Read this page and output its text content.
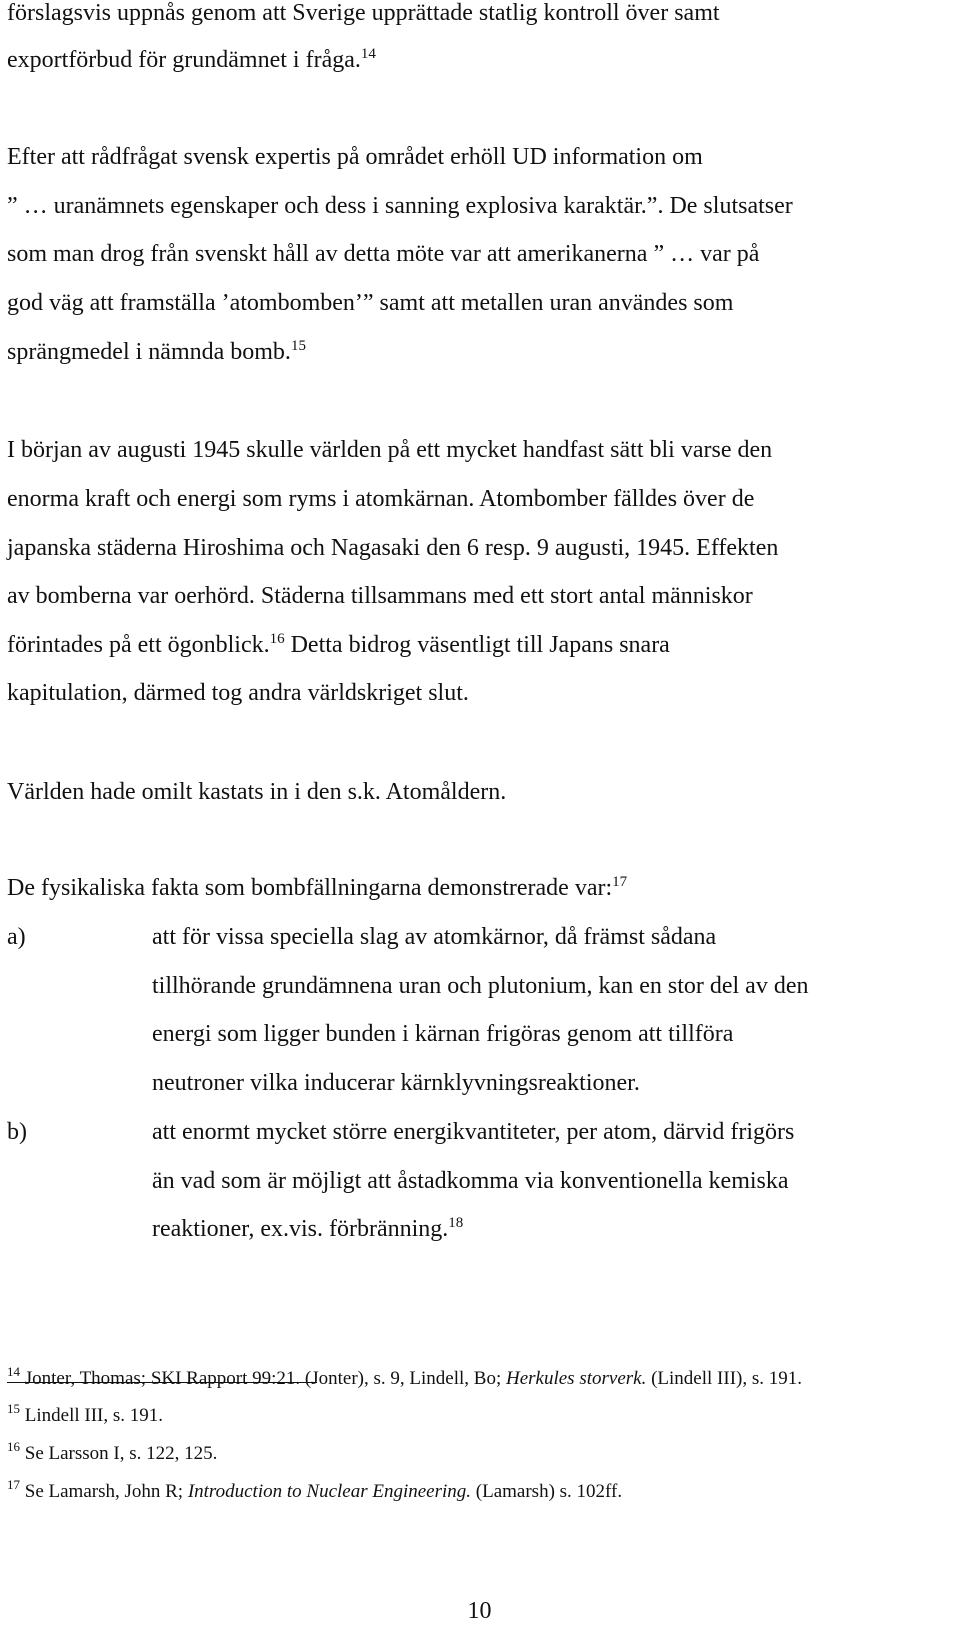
förslagsvis uppnås genom att Sverige upprättade statlig kontroll över samt
exportförbud för grundämnet i fråga.$^{14}$
Efter att rådfrågat svensk expertis på området erhöll UD information om
” … uranämnets egenskaper och dess i sanning explosiva karaktär.”. De slutsatser
som man drog från svenskt håll av detta möte var att amerikanerna ” … var på
god väg att framställa ’atombomben’” samt att metallen uran användes som
sprängmedel i nämnda bomb.$^{15}$
I början av augusti 1945 skulle världen på ett mycket handfast sätt bli varse den
enorma kraft och energi som ryms i atomkärnan. Atombomber fälldes över de
japanska städerna Hiroshima och Nagasaki den 6 resp. 9 augusti, 1945. Effekten
av bomberna var oerhörd. Städerna tillsammans med ett stort antal människor
förintades på ett ögonblick.$^{16}$ Detta bidrog väsentligt till Japans snara
kapitulation, därmed tog andra världskriget slut.
Världen hade omilt kastats in i den s.k. Atomåldern.
De fysikaliska fakta som bombfällningarna demonstrerade var:$^{17}$
a)	att för vissa speciella slag av atomkärnor, då främst sådana
tillhörande grundämnena uran och plutonium, kan en stor del av den
energi som ligger bunden i kärnan frigöras genom att tillföra
neutroner vilka inducerar kärnklyvningsreaktioner.
b)	att enormt mycket större energikvantiteter, per atom, därvid frigörs
än vad som är möjligt att åstadkomma via konventionella kemiska
reaktioner, ex.vis. förbränning.$^{18}$
$^{14}$ Jonter, Thomas; SKI Rapport 99:21. (Jonter), s. 9, Lindell, Bo; Herkules storverk. (Lindell III), s. 191.
$^{15}$ Lindell III, s. 191.
$^{16}$ Se Larsson I, s. 122, 125.
$^{17}$ Se Lamarsh, John R; Introduction to Nuclear Engineering. (Lamarsh) s. 102ff.
10
